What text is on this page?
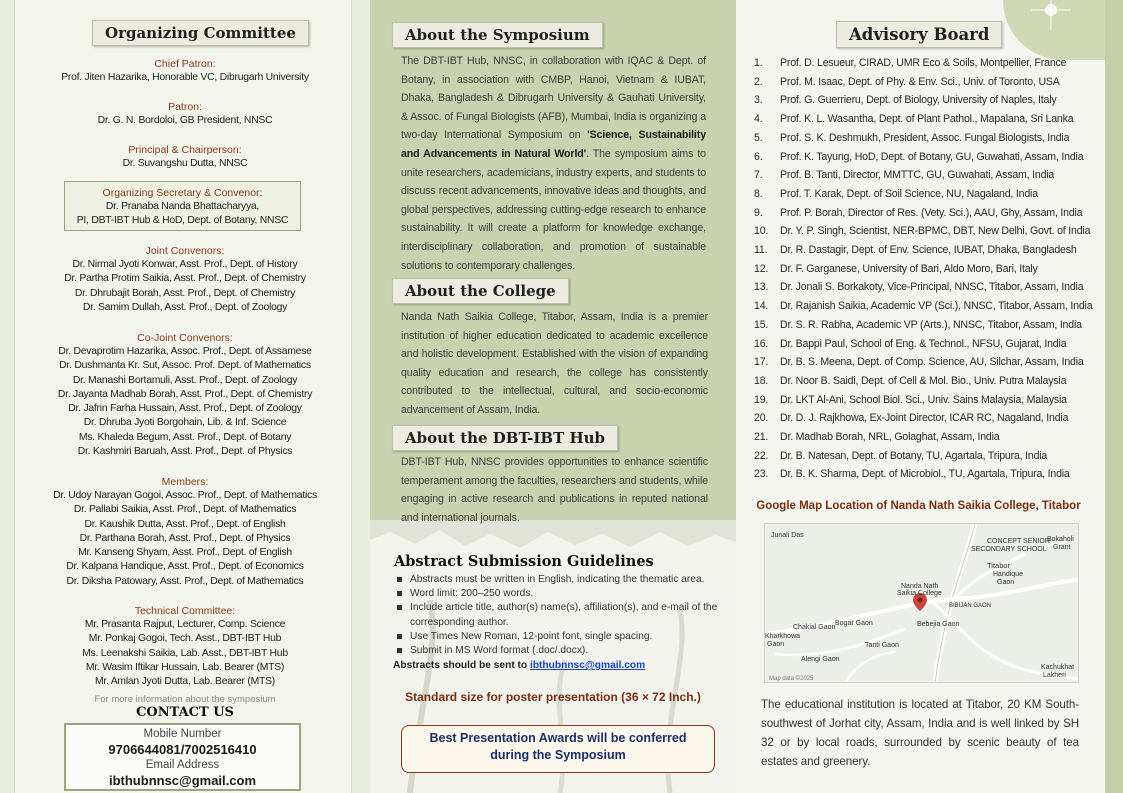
Organizing Committee
Chief Patron:
Prof. Jiten Hazarika, Honorable VC, Dibrugarh University
Patron:
Dr. G. N. Bordoloi, GB President, NNSC
Principal & Chairperson:
Dr. Suvangshu Dutta, NNSC
Organizing Secretary & Convenor:
Dr. Pranaba Nanda Bhattacharyya,
PI, DBT-IBT Hub & HoD, Dept. of Botany, NNSC
Joint Convenors:
Dr. Nirmal Jyoti Konwar, Asst. Prof., Dept. of History
Dr. Partha Protim Saikia, Asst. Prof., Dept. of Chemistry
Dr. Dhrubajit Borah, Asst. Prof., Dept. of Chemistry
Dr. Samim Dullah, Asst. Prof., Dept. of Zoology
Co-Joint Convenors:
Dr. Devaprotim Hazarika, Assoc. Prof., Dept. of Assamese
Dr. Dushmanta Kr. Sut, Assoc. Prof. Dept. of Mathematics
Dr. Manashi Bortamuli, Asst. Prof., Dept. of Zoology
Dr. Jayanta Madhab Borah, Asst. Prof., Dept. of Chemistry
Dr. Jafrin Farha Hussain, Asst. Prof., Dept. of Zoology
Dr. Dhruba Jyoti Borgohain, Lib. & Inf. Science
Ms. Khaleda Begum, Asst. Prof., Dept. of Botany
Dr. Kashmiri Baruah, Asst. Prof., Dept. of Physics
Members:
Dr. Udoy Narayan Gogoi, Assoc. Prof., Dept. of Mathematics
Dr. Pallabi Saikia, Asst. Prof., Dept. of Mathematics
Dr. Kaushik Dutta, Asst. Prof., Dept. of English
Dr. Parthana Borah, Asst. Prof., Dept. of Physics
Mr. Kanseng Shyam, Asst. Prof., Dept. of English
Dr. Kalpana Handique, Asst. Prof., Dept. of Economics
Dr. Diksha Patowary, Asst. Prof., Dept. of Mathematics
Technical Committee:
Mr. Prasanta Rajput, Lecturer, Comp. Science
Mr. Ponkaj Gogoi, Tech. Asst., DBT-IBT Hub
Ms. Leenakshi Saikia, Lab. Asst., DBT-IBT Hub
Mr. Wasim Iftikar Hussain, Lab. Bearer (MTS)
Mr. Amlan Jyoti Dutta, Lab. Bearer (MTS)
For more information about the symposium
CONTACT US
Mobile Number
9706644081/7002516410
Email Address
ibthubnnsc@gmail.com
About the Symposium
The DBT-IBT Hub, NNSC, in collaboration with IQAC & Dept. of Botany, in association with CMBP, Hanoi, Vietnam & IUBAT, Dhaka, Bangladesh & Dibrugarh University & Gauhati University, & Assoc. of Fungal Biologists (AFB), Mumbai, India is organizing a two-day International Symposium on 'Science, Sustainability and Advancements in Natural World'. The symposium aims to unite researchers, academicians, industry experts, and students to discuss recent advancements, innovative ideas and thoughts, and global perspectives, addressing cutting-edge research to enhance sustainability. It will create a platform for knowledge exchange, interdisciplinary collaboration, and promotion of sustainable solutions to contemporary challenges.
About the College
Nanda Nath Saikia College, Titabor, Assam, India is a premier institution of higher education dedicated to academic excellence and holistic development. Established with the vision of expanding quality education and research, the college has consistently contributed to the intellectual, cultural, and socio-economic advancement of Assam, India.
About the DBT-IBT Hub
DBT-IBT Hub, NNSC provides opportunities to enhance scientific temperament among the faculties, researchers and students, while engaging in active research and publications in reputed national and international journals.
Abstract Submission Guidelines
Abstracts must be written in English, indicating the thematic area.
Word limit: 200–250 words.
Include article title, author(s) name(s), affiliation(s), and e-mail of the corresponding author.
Use Times New Roman, 12-point font, single spacing.
Submit in MS Word format (.doc/.docx).
Abstracts should be sent to ibthubnnsc@gmail.com
Standard size for poster presentation (36 × 72 Inch.)
Best Presentation Awards will be conferred during the Symposium
Advisory Board
1.	Prof. D. Lesueur, CIRAD, UMR Eco & Soils, Montpellier, France
2.	Prof. M. Isaac, Dept. of Phy. & Env. Sci., Univ. of Toronto, USA
3.	Prof. G. Guerrieru, Dept. of Biology, University of Naples, Italy
4.	Prof. K. L. Wasantha, Dept. of Plant Pathol., Mapalana, Sri Lanka
5.	Prof. S. K. Deshmukh, President, Assoc. Fungal Biologists, India
6.	Prof. K. Tayung, HoD, Dept. of Botany, GU, Guwahati, Assam, India
7.	Prof. B. Tanti, Director, MMTTC, GU, Guwahati, Assam, India
8.	Prof. T. Karak, Dept. of Soil Science, NU, Nagaland, India
9.	Prof. P. Borah, Director of Res. (Vety. Sci.), AAU, Ghy, Assam, India
10.	Dr. Y. P. Singh, Scientist, NER-BPMC, DBT, New Delhi, Govt. of India
11.	Dr. R. Dastagir, Dept. of Env. Science, IUBAT, Dhaka, Bangladesh
12.	Dr. F. Garganese, University of Bari, Aldo Moro, Bari, Italy
13.	Dr. Jonali S. Borkakoty, Vice-Principal, NNSC, Titabor, Assam, India
14.	Dr. Rajanish Saikia, Academic VP (Sci.), NNSC, Titabor, Assam, India
15.	Dr. S. R. Rabha, Academic VP (Arts.), NNSC, Titabor, Assam, India
16.	Dr. Bappi Paul, School of Eng. & Technol., NFSU, Gujarat, India
17.	Dr. B. S. Meena, Dept. of Comp. Science, AU, Silchar, Assam, India
18.	Dr. Noor B. Saidi, Dept. of Cell & Mol. Bio., Univ. Putra Malaysia
19.	Dr. LKT Al-Ani, School Biol. Sci., Univ. Sains Malaysia, Malaysia
20.	Dr. D. J. Rajkhowa, Ex-Joint Director, ICAR RC, Nagaland, India
21.	Dr. Madhab Borah, NRL, Golaghat, Assam, India
22.	Dr. B. Natesan, Dept. of Botany, TU, Agartala, Tripura, India
23.	Dr. B. K. Sharma, Dept. of Microbiol., TU, Agartala, Tripura, India
Google Map Location of Nanda Nath Saikia College, Titabor
Junali Das
CONCEPT SENIOR
SECONDARY SCHOOL
Bokaholi
Grant
Titabor
Handique
Gaon
Nanda Nath
Saikia College
BIBIJAN GAON
Chakial Gaon
Bogar Gaon	Bebejia Gaon
Tanti Gaon
Kharkhowa
Gaon
Alengi Gaon
Kachukhat
Lakheri
Map data ©2025
The educational institution is located at Titabor, 20 KM South-southwest of Jorhat city, Assam, India and is well linked by SH 32 or by local roads, surrounded by scenic beauty of tea estates and greenery.
